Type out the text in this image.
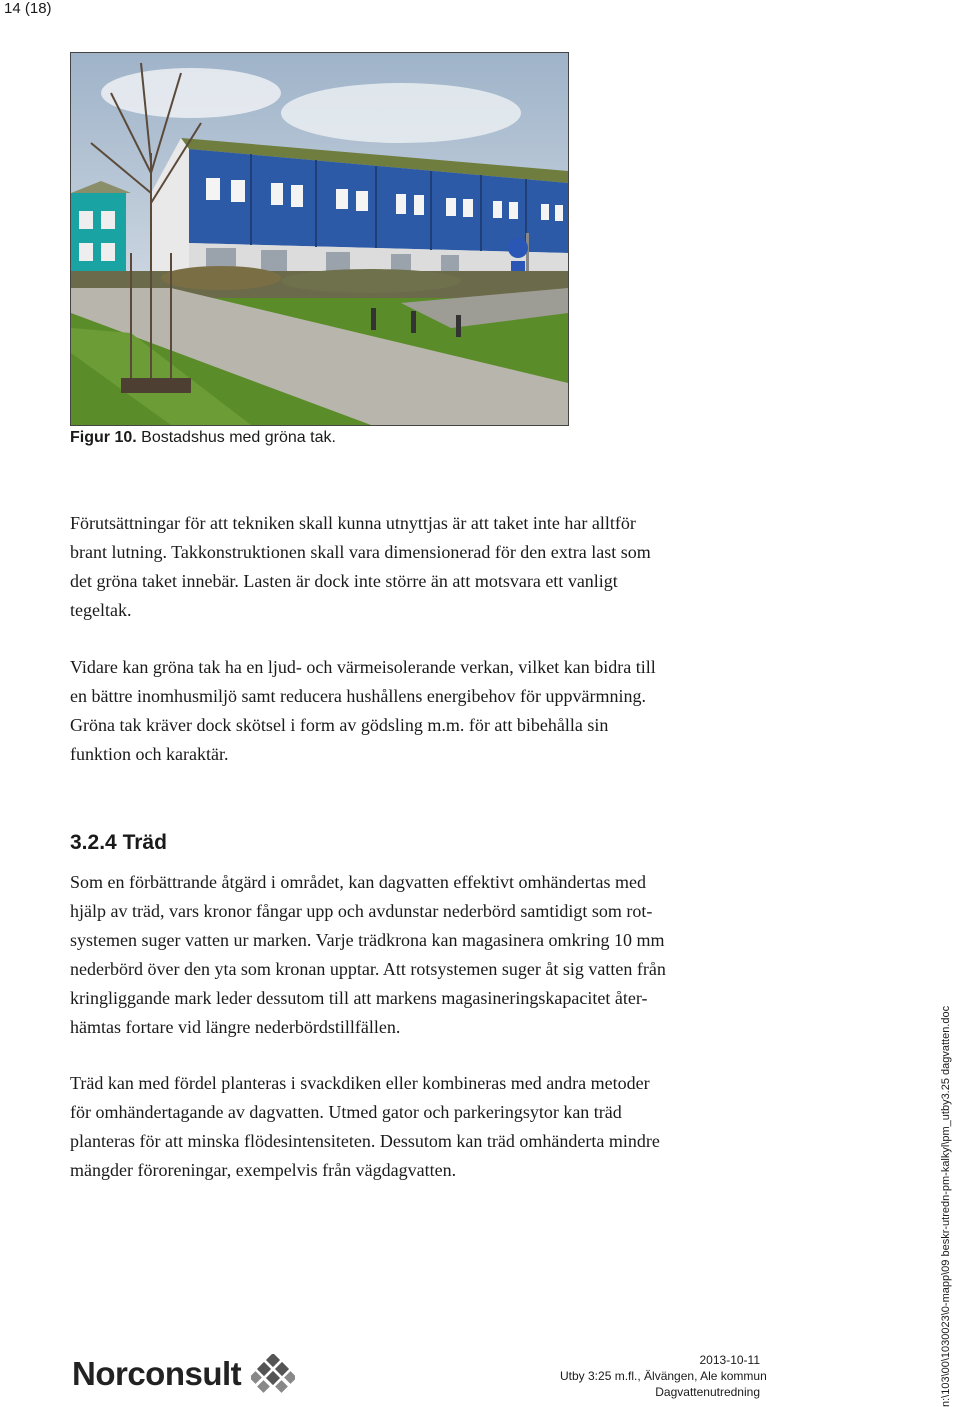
14 (18)
Figur 10. Bostadshus med gröna tak.

Förutsättningar för att tekniken skall kunna utnyttjas är att taket inte har alltför
brant lutning. Takkonstruktionen skall vara dimensionerad för den extra last som
det gröna taket innebär. Lasten är dock inte större än att motsvara ett vanligt
tegeltak.

Vidare kan gröna tak ha en ljud- och värmeisolerande verkan, vilket kan bidra till
en bättre inomhusmiljö samt reducera hushållens energibehov för uppvärmning.
Gröna tak kräver dock skötsel i form av gödsling m.m. för att bibehålla sin
funktion och karaktär.

3.2.4 Träd

Som en förbättrande åtgärd i området, kan dagvatten effektivt omhändertas med
hjälp av träd, vars kronor fångar upp och avdunstar nederbörd samtidigt som rot-
systemen suger vatten ur marken. Varje trädkrona kan magasinera omkring 10 mm
nederbörd över den yta som kronan upptar. Att rotsystemen suger åt sig vatten från
kringliggande mark leder dessutom till att markens magasineringskapacitet åter-
hämtas fortare vid längre nederbördstillfällen.

Träd kan med fördel planteras i svackdiken eller kombineras med andra metoder
för omhändertagande av dagvatten. Utmed gator och parkeringsytor kan träd
planteras för att minska flödesintensiteten. Dessutom kan träd omhänderta mindre
mängder föroreningar, exempelvis från vägdagvatten.

Norconsult	2013-10-11
Utby 3:25 m.fl., Älvängen, Ale kommun
Dagvattenutredning	n:\103\00\1030023\0-mapp\09 beskr-utredn-pm-kalkyl\pm_utby3.25 dagvatten.doc
